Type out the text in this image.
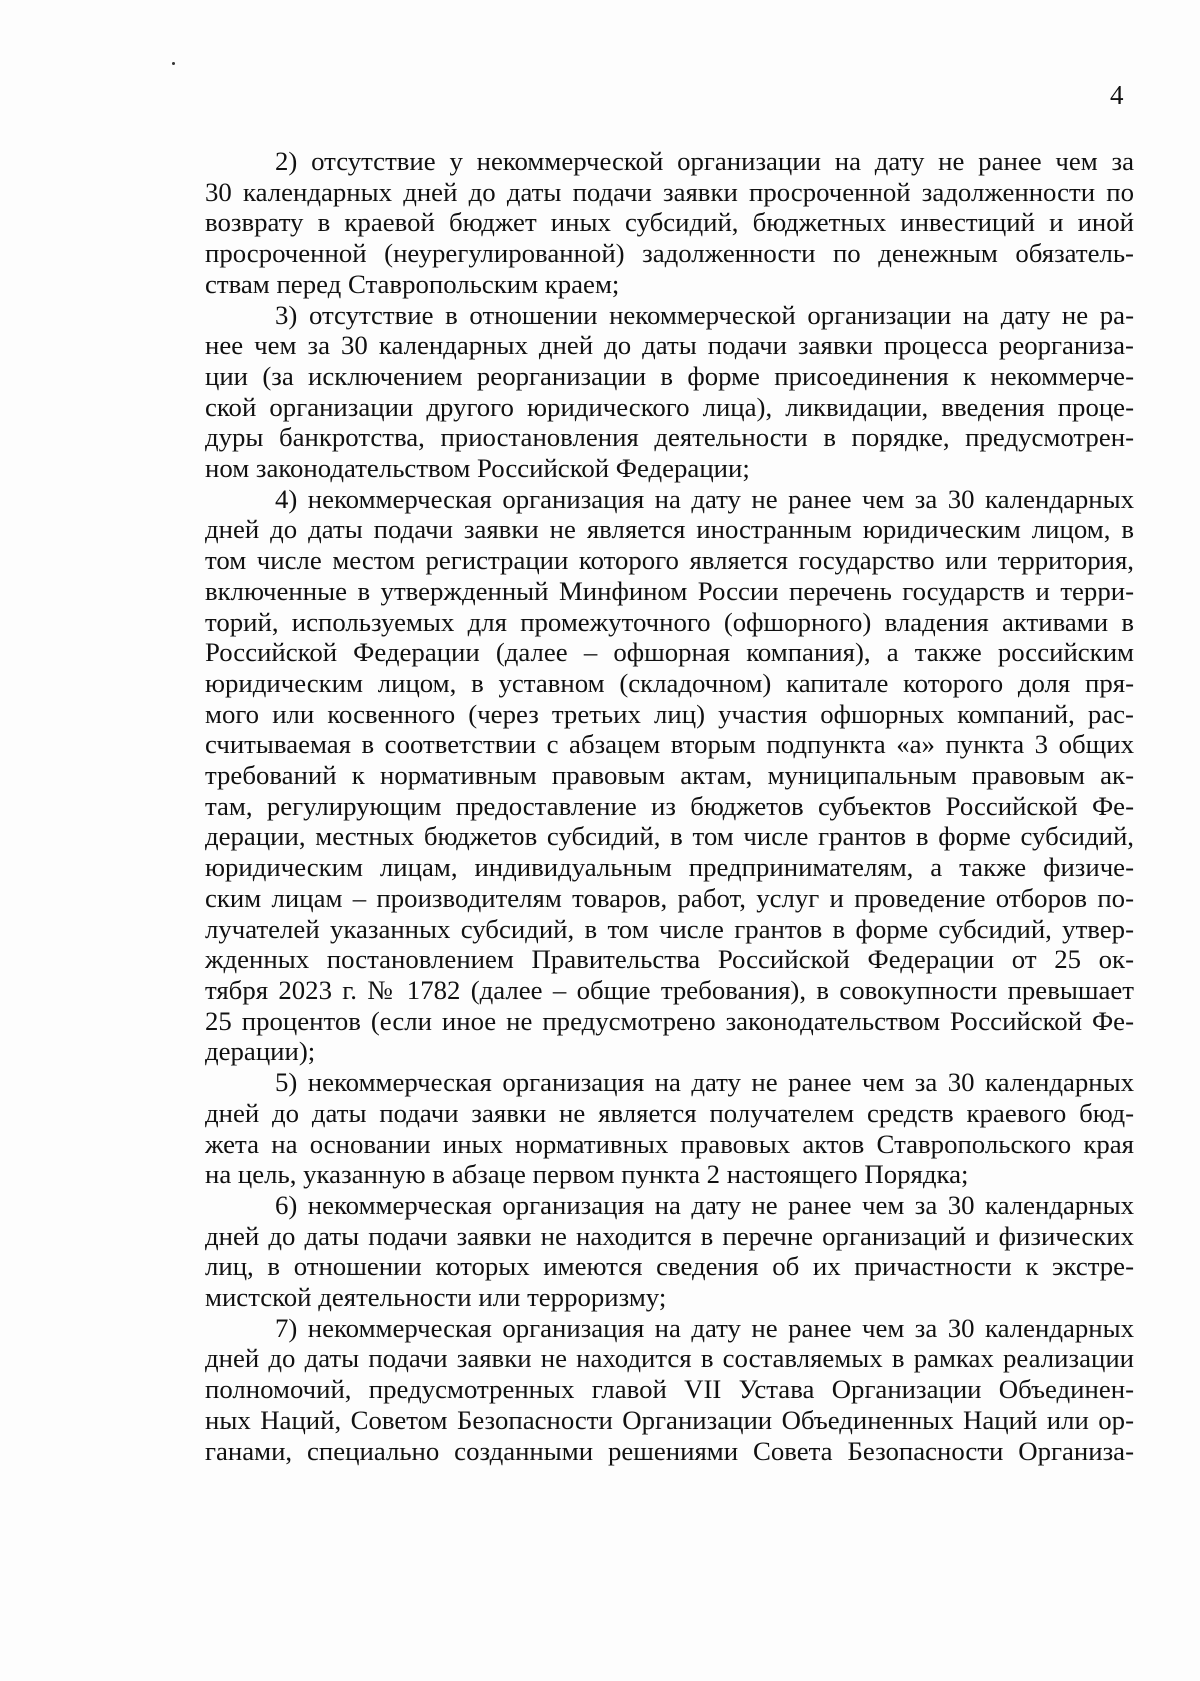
4
2) отсутствие у некоммерческой организации на дату не ранее чем за
30 календарных дней до даты подачи заявки просроченной задолженности по
возврату в краевой бюджет иных субсидий, бюджетных инвестиций и иной
просроченной (неурегулированной) задолженности по денежным обязатель-
ствам перед Ставропольским краем;
3) отсутствие в отношении некоммерческой организации на дату не ра-
нее чем за 30 календарных дней до даты подачи заявки процесса реорганиза-
ции (за исключением реорганизации в форме присоединения к некоммерче-
ской организации другого юридического лица), ликвидации, введения проце-
дуры банкротства, приостановления деятельности в порядке, предусмотрен-
ном законодательством Российской Федерации;
4) некоммерческая организация на дату не ранее чем за 30 календарных
дней до даты подачи заявки не является иностранным юридическим лицом, в
том числе местом регистрации которого является государство или территория,
включенные в утвержденный Минфином России перечень государств и терри-
торий, используемых для промежуточного (офшорного) владения активами в
Российской Федерации (далее – офшорная компания), а также российским
юридическим лицом, в уставном (складочном) капитале которого доля пря-
мого или косвенного (через третьих лиц) участия офшорных компаний, рас-
считываемая в соответствии с абзацем вторым подпункта «а» пункта 3 общих
требований к нормативным правовым актам, муниципальным правовым ак-
там, регулирующим предоставление из бюджетов субъектов Российской Фе-
дерации, местных бюджетов субсидий, в том числе грантов в форме субсидий,
юридическим лицам, индивидуальным предпринимателям, а также физиче-
ским лицам – производителям товаров, работ, услуг и проведение отборов по-
лучателей указанных субсидий, в том числе грантов в форме субсидий, утвер-
жденных постановлением Правительства Российской Федерации от 25 ок-
тября 2023 г. № 1782 (далее – общие требования), в совокупности превышает
25 процентов (если иное не предусмотрено законодательством Российской Фе-
дерации);
5) некоммерческая организация на дату не ранее чем за 30 календарных
дней до даты подачи заявки не является получателем средств краевого бюд-
жета на основании иных нормативных правовых актов Ставропольского края
на цель, указанную в абзаце первом пункта 2 настоящего Порядка;
6) некоммерческая организация на дату не ранее чем за 30 календарных
дней до даты подачи заявки не находится в перечне организаций и физических
лиц, в отношении которых имеются сведения об их причастности к экстре-
мистской деятельности или терроризму;
7) некоммерческая организация на дату не ранее чем за 30 календарных
дней до даты подачи заявки не находится в составляемых в рамках реализации
полномочий, предусмотренных главой VII Устава Организации Объединен-
ных Наций, Советом Безопасности Организации Объединенных Наций или ор-
ганами, специально созданными решениями Совета Безопасности Организа-
